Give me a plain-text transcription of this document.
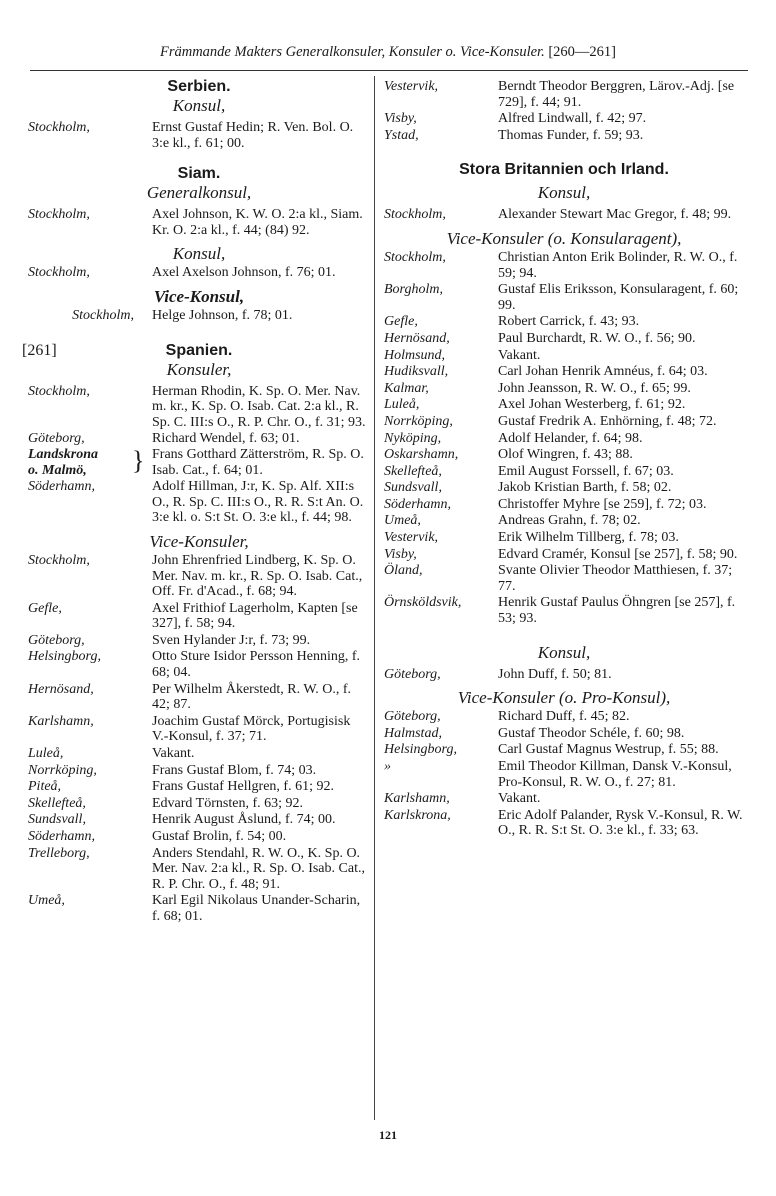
Främmande Makters Generalkonsuler, Konsuler o. Vice-Konsuler. [260—261]
Serbien.
Konsul,
Stockholm,	Ernst Gustaf Hedin; R. Ven. Bol. O. 3:e kl., f. 61; 00.
Siam.
Generalkonsul,
Stockholm,	Axel Johnson, K. W. O. 2:a kl., Siam. Kr. O. 2:a kl., f. 44; (84) 92.
Konsul,
Stockholm,	Axel Axelson Johnson, f. 76; 01.
Vice-Konsul,
Stockholm,	Helge Johnson, f. 78; 01.
[261]	Spanien.
Konsuler,
Stockholm,	Herman Rhodin, K. Sp. O. Mer. Nav. m. kr., K. Sp. O. Isab. Cat. 2:a kl., R. Sp. C. III:s O., R. P. Chr. O., f. 31; 93.
Göteborg,	Richard Wendel, f. 63; 01.
Landskrona
o. Malmö,	} Frans Gotthard Zätterström, R. Sp. O. Isab. Cat., f. 64; 01.
Söderhamn,	Adolf Hillman, J:r, K. Sp. Alf. XII:s O., R. Sp. C. III:s O., R. R. S:t An. O. 3:e kl. o. S:t St. O. 3:e kl., f. 44; 98.
Vice-Konsuler,
Stockholm,	John Ehrenfried Lindberg, K. Sp. O. Mer. Nav. m. kr., R. Sp. O. Isab. Cat., Off. Fr. d'Acad., f. 68; 94.
Gefle,	Axel Frithiof Lagerholm, Kapten [se 327], f. 58; 94.
Göteborg,	Sven Hylander J:r, f. 73; 99.
Helsingborg,	Otto Sture Isidor Persson Henning, f. 68; 04.
Hernösand,	Per Wilhelm Åkerstedt, R. W. O., f. 42; 87.
Karlshamn,	Joachim Gustaf Mörck, Portugisisk V.-Konsul, f. 37; 71.
Luleå,	Vakant.
Norrköping,	Frans Gustaf Blom, f. 74; 03.
Piteå,	Frans Gustaf Hellgren, f. 61; 92.
Skellefteå,	Edvard Törnsten, f. 63; 92.
Sundsvall,	Henrik August Åslund, f. 74; 00.
Söderhamn,	Gustaf Brolin, f. 54; 00.
Trelleborg,	Anders Stendahl, R. W. O., K. Sp. O. Mer. Nav. 2:a kl., R. Sp. O. Isab. Cat., R. P. Chr. O., f. 48; 91.
Umeå,	Karl Egil Nikolaus Unander-Scharin, f. 68; 01.
Vestervik,	Berndt Theodor Berggren, Lärov.-Adj. [se 729], f. 44; 91.
Visby,	Alfred Lindwall, f. 42; 97.
Ystad,	Thomas Funder, f. 59; 93.
Stora Britannien och Irland.
Konsul,
Stockholm,	Alexander Stewart Mac Gregor, f. 48; 99.
Vice-Konsuler (o. Konsularagent),
Stockholm,	Christian Anton Erik Bolinder, R. W. O., f. 59; 94.
Borgholm,	Gustaf Elis Eriksson, Konsularagent, f. 60; 99.
Gefle,	Robert Carrick, f. 43; 93.
Hernösand,	Paul Burchardt, R. W. O., f. 56; 90.
Holmsund,	Vakant.
Hudiksvall,	Carl Johan Henrik Amnéus, f. 64; 03.
Kalmar,	John Jeansson, R. W. O., f. 65; 99.
Luleå,	Axel Johan Westerberg, f. 61; 92.
Norrköping,	Gustaf Fredrik A. Enhörning, f. 48; 72.
Nyköping,	Adolf Helander, f. 64; 98.
Oskarshamn,	Olof Wingren, f. 43; 88.
Skellefteå,	Emil August Forssell, f. 67; 03.
Sundsvall,	Jakob Kristian Barth, f. 58; 02.
Söderhamn,	Christoffer Myhre [se 259], f. 72; 03.
Umeå,	Andreas Grahn, f. 78; 02.
Vestervik,	Erik Wilhelm Tillberg, f. 78; 03.
Visby,	Edvard Cramér, Konsul [se 257], f. 58; 90.
Öland,	Svante Olivier Theodor Matthiesen, f. 37; 77.
Örnsköldsvik,	Henrik Gustaf Paulus Öhngren [se 257], f. 53; 93.
Konsul,
Göteborg,	John Duff, f. 50; 81.
Vice-Konsuler (o. Pro-Konsul),
Göteborg,	Richard Duff, f. 45; 82.
Halmstad,	Gustaf Theodor Schéle, f. 60; 98.
Helsingborg,	Carl Gustaf Magnus Westrup, f. 55; 88.
»	Emil Theodor Killman, Dansk V.-Konsul, Pro-Konsul, R. W. O., f. 27; 81.
Karlshamn,	Vakant.
Karlskrona,	Eric Adolf Palander, Rysk V.-Konsul, R. W. O., R. R. S:t St. O. 3:e kl., f. 33; 63.
121
